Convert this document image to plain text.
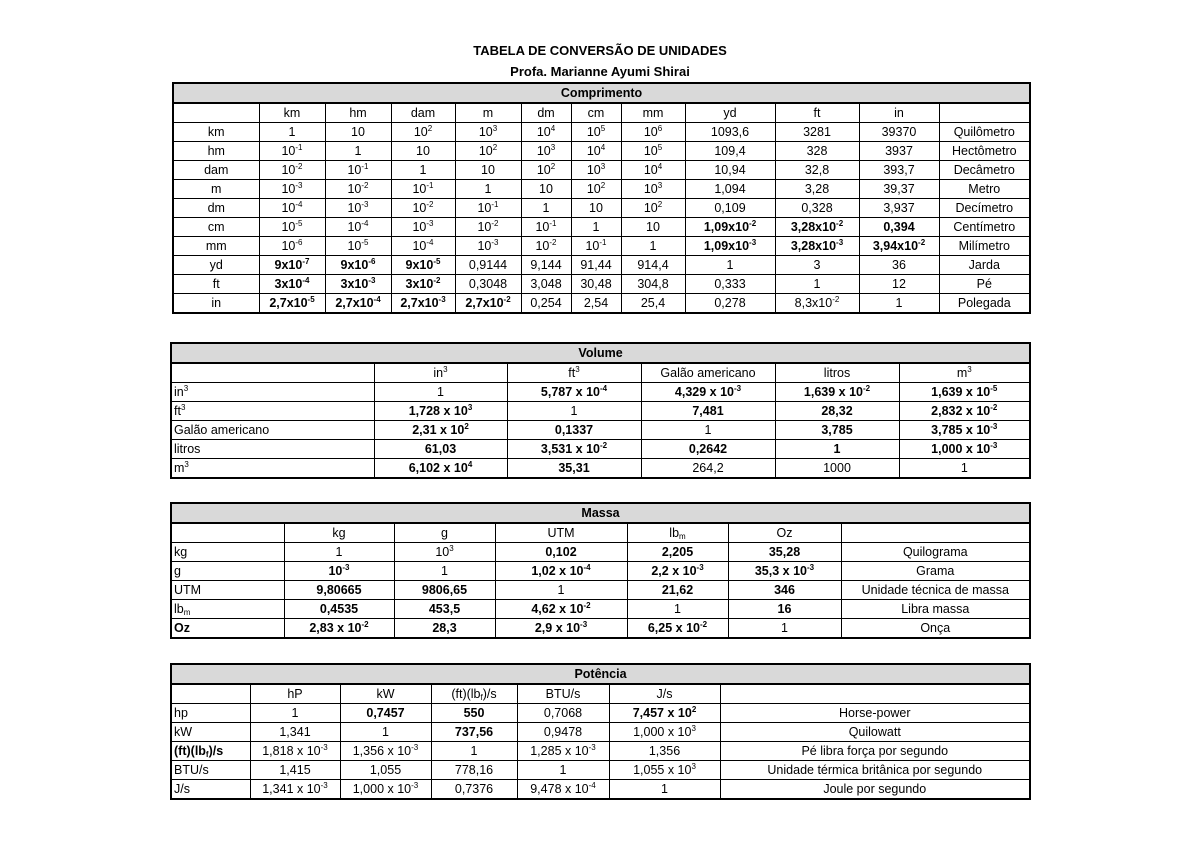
TABELA DE CONVERSÃO DE UNIDADES
Profa. Marianne Ayumi Shirai
Comprimento											
	km	hm	dam	m	dm	cm	mm	yd	ft	in	
km	1	10	$10^2$	$10^3$	$10^4$	$10^5$	$10^6$	1093,6	3281	39370	Quilômetro
hm	$10^{-1}$	1	10	$10^2$	$10^3$	$10^4$	$10^5$	109,4	328	3937	Hectômetro
dam	$10^{-2}$	$10^{-1}$	1	10	$10^2$	$10^3$	$10^4$	10,94	32,8	393,7	Decâmetro
m	$10^{-3}$	$10^{-2}$	$10^{-1}$	1	10	$10^2$	$10^3$	1,094	3,28	39,37	Metro
dm	$10^{-4}$	$10^{-3}$	$10^{-2}$	$10^{-1}$	1	10	$10^2$	0,109	0,328	3,937	Decímetro
cm	$10^{-5}$	$10^{-4}$	$10^{-3}$	$10^{-2}$	$10^{-1}$	1	10	$1,09x10^{-2}$	$3,28x10^{-2}$	0,394	Centímetro
mm	$10^{-6}$	$10^{-5}$	$10^{-4}$	$10^{-3}$	$10^{-2}$	$10^{-1}$	1	$1,09x10^{-3}$	$3,28x10^{-3}$	$3,94x10^{-2}$	Milímetro
yd	$9x10^{-7}$	$9x10^{-6}$	$9x10^{-5}$	0,9144	9,144	91,44	914,4	1	3	36	Jarda
ft	$3x10^{-4}$	$3x10^{-3}$	$3x10^{-2}$	0,3048	3,048	30,48	304,8	0,333	1	12	Pé
in	$2,7x10^{-5}$	$2,7x10^{-4}$	$2,7x10^{-3}$	$2,7x10^{-2}$	0,254	2,54	25,4	0,278	$8,3x10^{-2}$	1	Polegada
Volume					
	$in^3$	$ft^3$	Galão americano	litros	$m^3$
$in^3$	1	5,787 x $10^{-4}$	4,329 x $10^{-3}$	1,639 x $10^{-2}$	1,639 x $10^{-5}$
$ft^3$	1,728 x $10^3$	1	7,481	28,32	2,832 x $10^{-2}$
Galão americano	2,31 x $10^2$	0,1337	1	3,785	3,785 x $10^{-3}$
litros	61,03	3,531 x $10^{-2}$	0,2642	1	1,000 x $10^{-3}$
$m^3$	6,102 x $10^4$	35,31	264,2	1000	1
Massa						
	kg	g	UTM	$lb_m$	Oz	
kg	1	$10^3$	0,102	2,205	35,28	Quilograma
g	$10^{-3}$	1	1,02 x $10^{-4}$	2,2 x $10^{-3}$	35,3 x $10^{-3}$	Grama
UTM	9,80665	9806,65	1	21,62	346	Unidade técnica de massa
$lb_m$	0,4535	453,5	4,62 x $10^{-2}$	1	16	Libra massa
Oz	2,83 x $10^{-2}$	28,3	2,9 x $10^{-3}$	6,25 x $10^{-2}$	1	Onça
Potência						
	hP	kW	$(ft)(lb_f)/s$	BTU/s	J/s	
hp	1	0,7457	550	0,7068	7,457 x $10^2$	Horse-power
kW	1,341	1	737,56	0,9478	1,000 x $10^3$	Quilowatt
$(ft)(lb_f)/s$	1,818 x $10^{-3}$	1,356 x $10^{-3}$	1	1,285 x $10^{-3}$	1,356	Pé libra força por segundo
BTU/s	1,415	1,055	778,16	1	1,055 x $10^3$	Unidade térmica britânica por segundo
J/s	1,341 x $10^{-3}$	1,000 x $10^{-3}$	0,7376	9,478 x $10^{-4}$	1	Joule por segundo
